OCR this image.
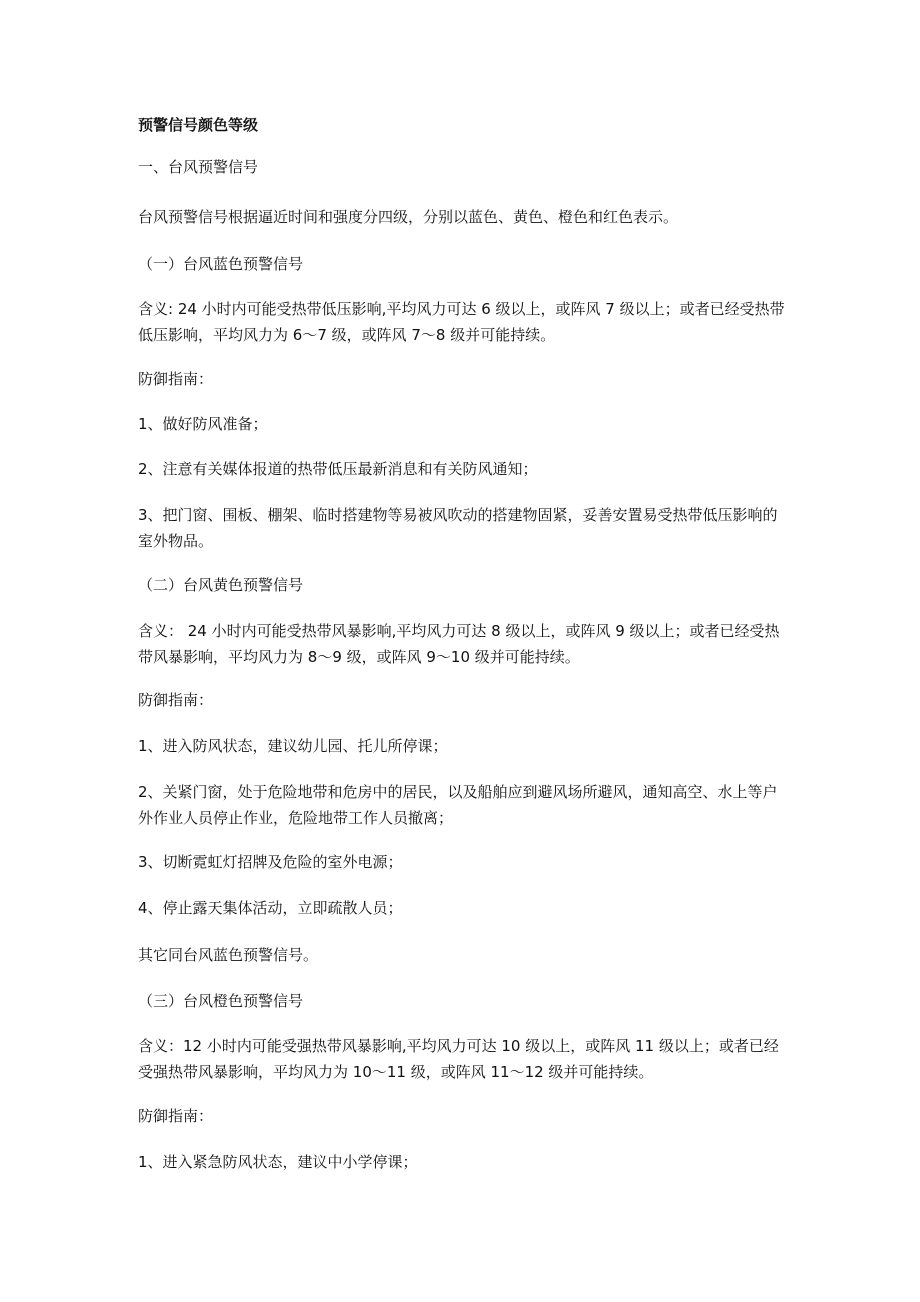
预警信号颜色等级

一、台风预警信号

台风预警信号根据逼近时间和强度分四级，分别以蓝色、黄色、橙色和红色表示。

（一）台风蓝色预警信号

含义: 24 小时内可能受热带低压影响,平均风力可达 6 级以上，或阵风 7 级以上；或者已经受热带低压影响，平均风力为 6～7 级，或阵风 7～8 级并可能持续。

防御指南：

1、做好防风准备；

2、注意有关媒体报道的热带低压最新消息和有关防风通知；

3、把门窗、围板、棚架、临时搭建物等易被风吹动的搭建物固紧，妥善安置易受热带低压影响的室外物品。

（二）台风黄色预警信号

含义： 24 小时内可能受热带风暴影响,平均风力可达 8 级以上，或阵风 9 级以上；或者已经受热带风暴影响，平均风力为 8～9 级，或阵风 9～10 级并可能持续。

防御指南：

1、进入防风状态，建议幼儿园、托儿所停课；

2、关紧门窗，处于危险地带和危房中的居民，以及船舶应到避风场所避风，通知高空、水上等户外作业人员停止作业，危险地带工作人员撤离；

3、切断霓虹灯招牌及危险的室外电源；

4、停止露天集体活动，立即疏散人员；

其它同台风蓝色预警信号。

（三）台风橙色预警信号

含义：12 小时内可能受强热带风暴影响,平均风力可达 10 级以上，或阵风 11 级以上；或者已经受强热带风暴影响，平均风力为 10～11 级，或阵风 11～12 级并可能持续。

防御指南：

1、进入紧急防风状态，建议中小学停课；
